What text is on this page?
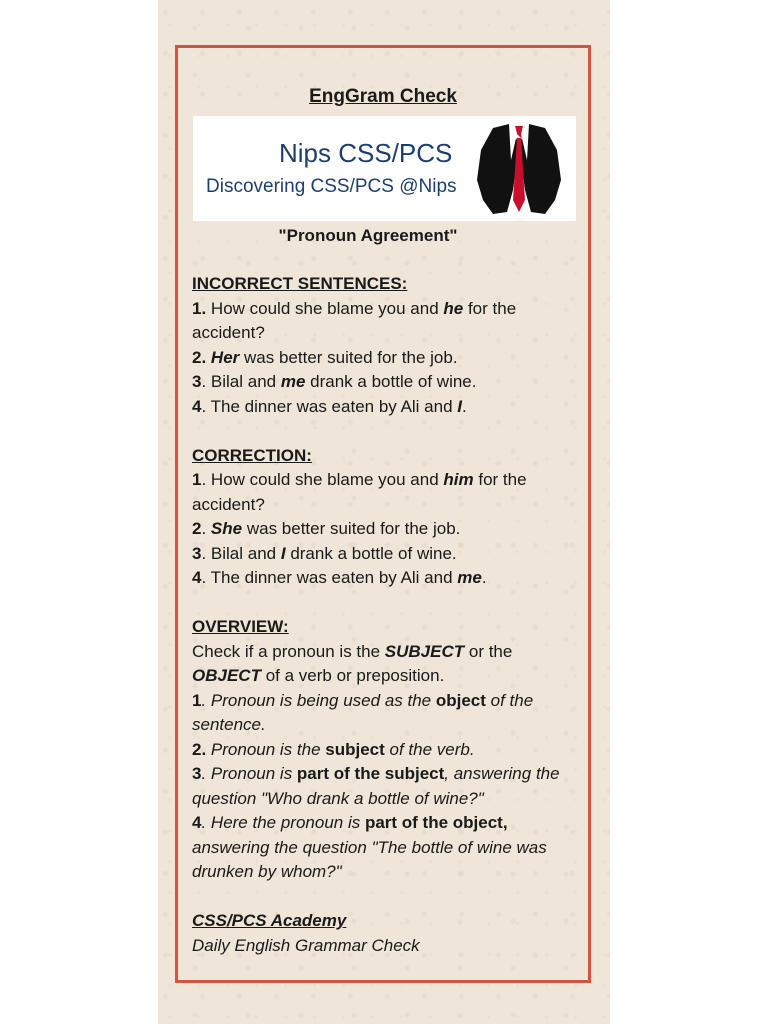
EngGram Check
Nips CSS/PCS
Discovering CSS/PCS @Nips
"Pronoun Agreement"
INCORRECT SENTENCES:
1. How could she blame you and he for the accident?
2. Her was better suited for the job.
3. Bilal and me drank a bottle of wine.
4. The dinner was eaten by Ali and I.
CORRECTION:
1. How could she blame you and him for the accident?
2. She was better suited for the job.
3. Bilal and I drank a bottle of wine.
4. The dinner was eaten by Ali and me.
OVERVIEW:
Check if a pronoun is the SUBJECT or the OBJECT of a verb or preposition.
1. Pronoun is being used as the object of the sentence.
2. Pronoun is the subject of the verb.
3. Pronoun is part of the subject, answering the question "Who drank a bottle of wine?"
4. Here the pronoun is part of the object, answering the question "The bottle of wine was drunken by whom?"
CSS/PCS Academy
Daily English Grammar Check
